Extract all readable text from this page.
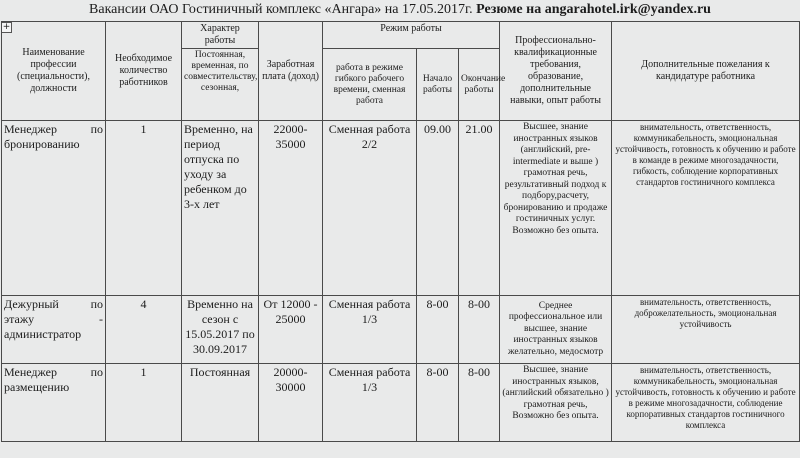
Вакансии ОАО Гостиничный комплекс «Ангара» на 17.05.2017г. Резюме на angarahotel.irk@yandex.ru
+
Наименование профессии (специальности), должности	Необходимое количество работников	Характер работы	Заработная плата (доход)	Режим работы			Профессионально-квалификационные требования, образование, дополнительные навыки, опыт работы	Дополнительные пожелания к кандидатуре работника
		Постоянная, временная, по совместительству, сезонная,		работа в режиме гибкого рабочего времени, сменная работа	Начало работы	Окончание работы		
Менеджер по бронированию	1	Временно, на период отпуска по уходу за ребенком до 3-х лет	22000-35000	Сменная работа 2/2	09.00	21.00	Высшее, знание иностранных языков (английский, pre-intermediate и выше ) грамотная речь, результативный подход к подбору,расчету, бронированию и продаже гостиничных услуг. Возможно без опыта.	внимательность, ответственность, коммуникабельность, эмоциональная устойчивость, готовность к обучению и работе в команде в режиме многозадачности, гибкость, соблюдение корпоративных стандартов гостиничного комплекса
Дежурный по этажу - администратор	4	Временно на сезон с 15.05.2017 по 30.09.2017	От 12000 - 25000	Сменная работа 1/3	8-00	8-00	Среднее профессиональное или высшее, знание иностранных языков желательно, медосмотр	внимательность, ответственность, доброжелательность, эмоциональная устойчивость
Менеджер по размещению	1	Постоянная	20000-30000	Сменная работа 1/3	8-00	8-00	Высшее, знание иностранных языков, (английский обязательно ) грамотная речь, Возможно без опыта.	внимательность, ответственность, коммуникабельность, эмоциональная устойчивость, готовность к обучению и работе в режиме многозадачности, соблюдение корпоративных стандартов гостиничного комплекса
